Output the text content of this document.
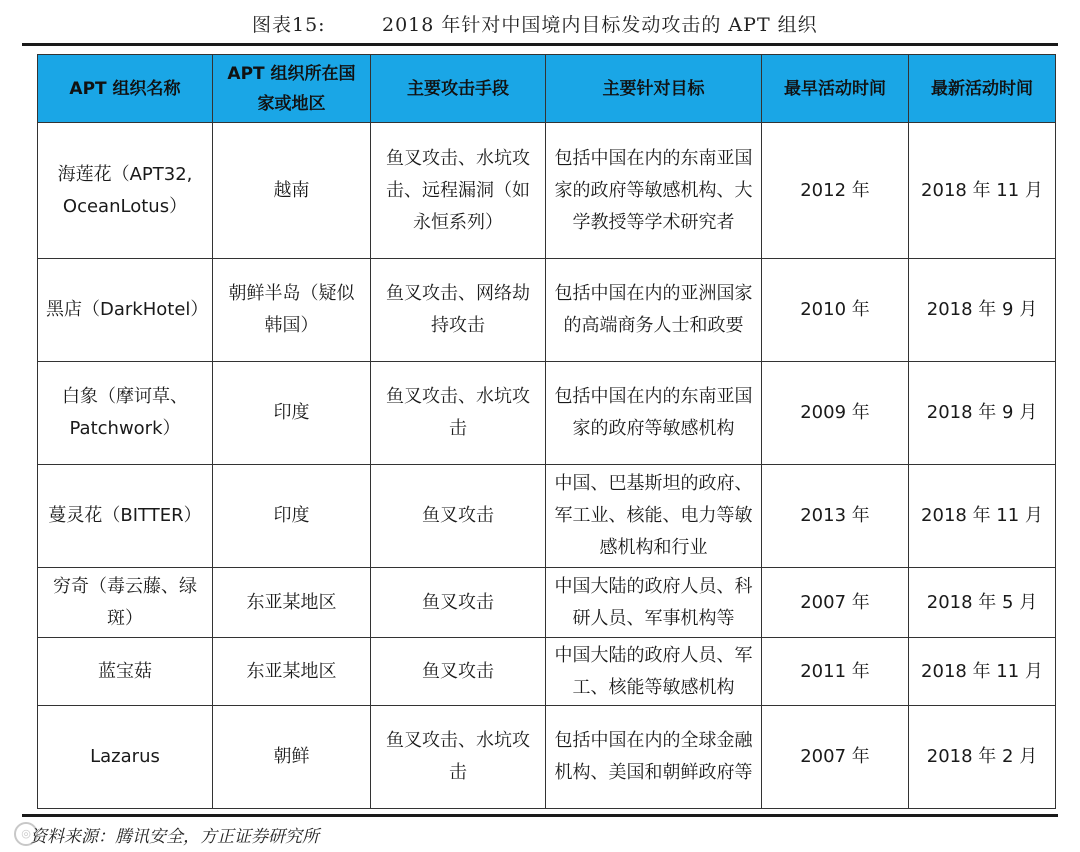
图表15:	2018 年针对中国境内目标发动攻击的 APT 组织
APT 组织名称	APT 组织所在国家或地区	主要攻击手段	主要针对目标	最早活动时间	最新活动时间
海莲花（APT32, OceanLotus）	越南	鱼叉攻击、水坑攻击、远程漏洞（如永恒系列）	包括中国在内的东南亚国家的政府等敏感机构、大学教授等学术研究者	2012 年	2018 年 11 月
黑店（DarkHotel）	朝鲜半岛（疑似韩国）	鱼叉攻击、网络劫持攻击	包括中国在内的亚洲国家的高端商务人士和政要	2010 年	2018 年 9 月
白象（摩诃草、Patchwork）	印度	鱼叉攻击、水坑攻击	包括中国在内的东南亚国家的政府等敏感机构	2009 年	2018 年 9 月
蔓灵花（BITTER）	印度	鱼叉攻击	中国、巴基斯坦的政府、军工业、核能、电力等敏感机构和行业	2013 年	2018 年 11 月
穷奇（毒云藤、绿斑）	东亚某地区	鱼叉攻击	中国大陆的政府人员、科研人员、军事机构等	2007 年	2018 年 5 月
蓝宝菇	东亚某地区	鱼叉攻击	中国大陆的政府人员、军工、核能等敏感机构	2011 年	2018 年 11 月
Lazarus	朝鲜	鱼叉攻击、水坑攻击	包括中国在内的全球金融机构、美国和朝鲜政府等	2007 年	2018 年 2 月
◎ 资料来源：腾讯安全，方正证券研究所
